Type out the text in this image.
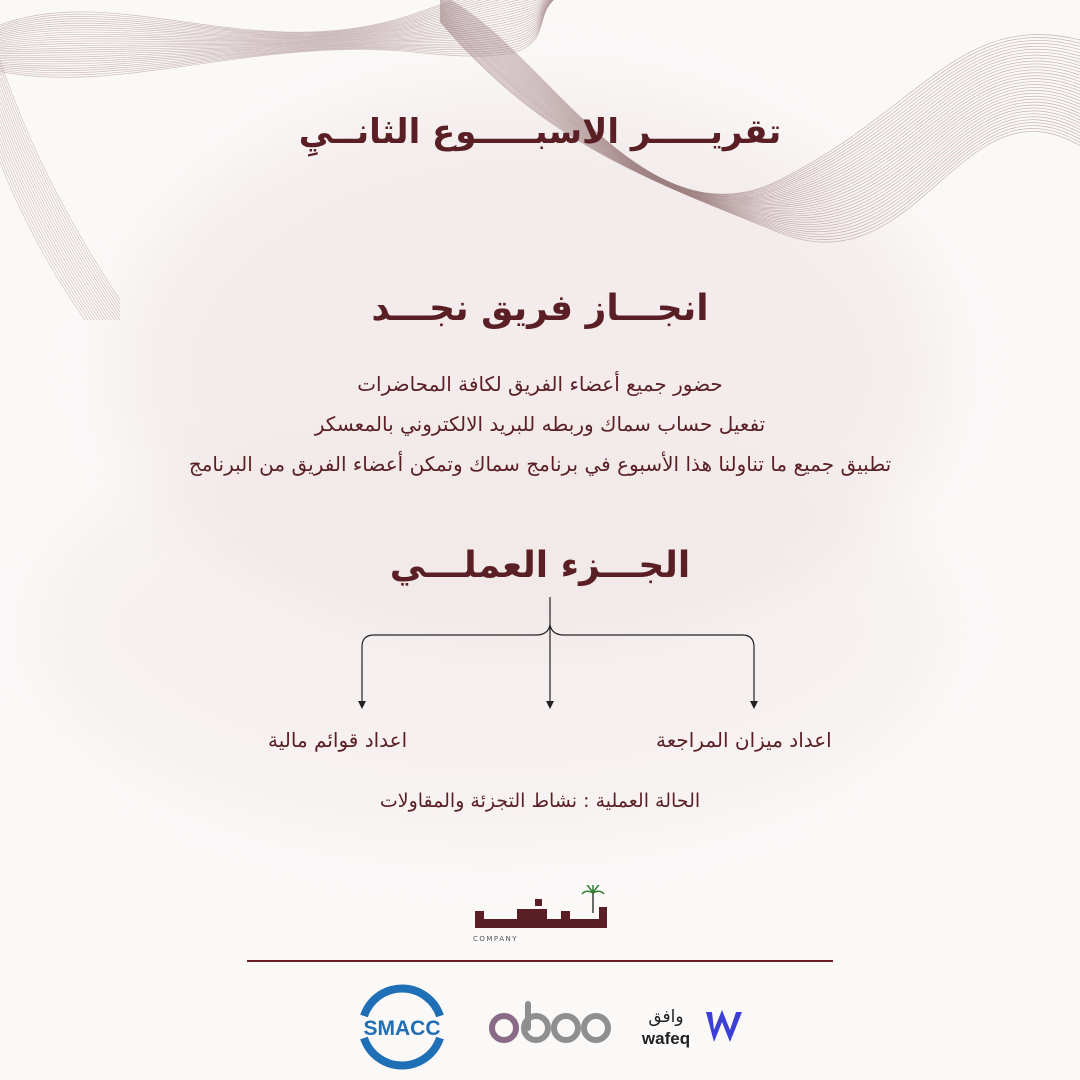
تقريـــــر الاسبـــــوع الثانــيِ
انجـــاز فريق نجـــد
حضور جميع أعضاء الفريق لكافة المحاضرات
تفعيل حساب سماك وربطه للبريد الالكتروني بالمعسكر
تطبيق جميع ما تناولنا هذا الأسبوع في برنامج سماك وتمكن أعضاء الفريق من البرنامج
الجـــزء العملـــي
اعداد قوائم مالية	اعداد ميزان المراجعة
الحالة العملية : نشاط التجزئة والمقاولات
COMPANY
SMACC	وافق
wafeq
